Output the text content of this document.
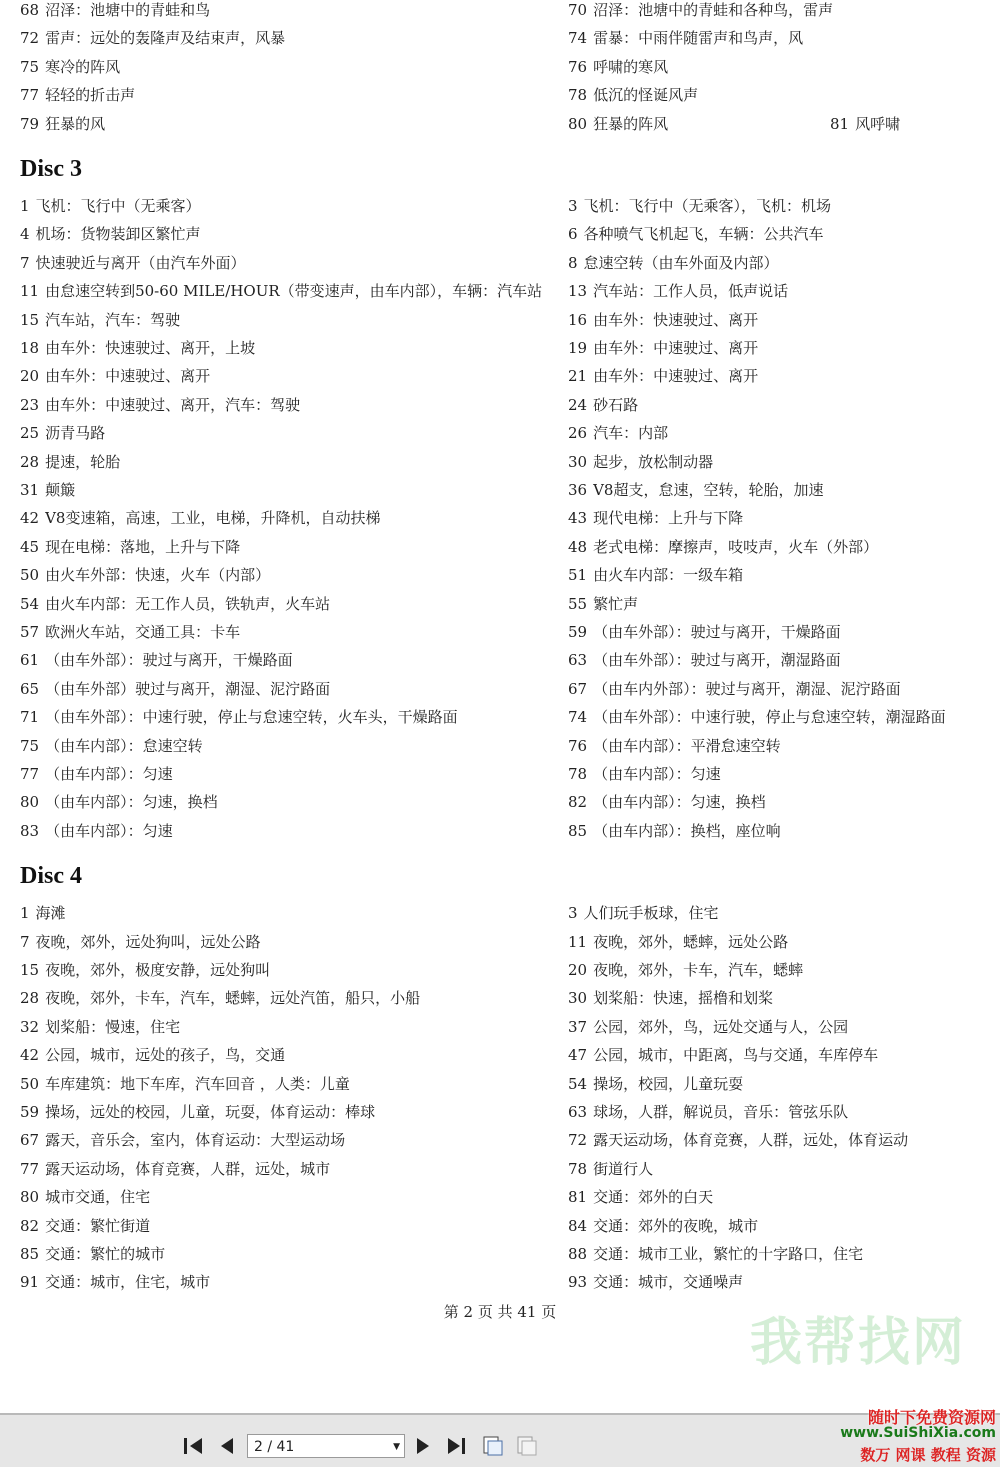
68 沼泽：池塘中的青蛙和鸟	70 沼泽：池塘中的青蛙和各种鸟，雷声
72 雷声：远处的轰隆声及结束声，风暴	74 雷暴：中雨伴随雷声和鸟声，风
75 寒冷的阵风	76 呼啸的寒风
77 轻轻的折击声	78 低沉的怪诞风声
79 狂暴的风	80 狂暴的阵风	81 风呼啸
Disc 3
1 飞机：飞行中（无乘客）	3 飞机：飞行中（无乘客），飞机：机场
4 机场：货物装卸区繁忙声	6 各种喷气飞机起飞，车辆：公共汽车
7 快速驶近与离开（由汽车外面）	8 怠速空转（由车外面及内部）
11 由怠速空转到50-60 MILE/HOUR（带变速声，由车内部），车辆：汽车站 13 汽车站：工作人员，低声说话
15 汽车站，汽车：驾驶	16 由车外：快速驶过、离开
18 由车外：快速驶过、离开，上坡	19 由车外：中速驶过、离开
20 由车外：中速驶过、离开	21 由车外：中速驶过、离开
23 由车外：中速驶过、离开，汽车：驾驶	24 砂石路
25 沥青马路	26 汽车：内部
28 提速，轮胎	30 起步，放松制动器
31 颠簸	36 V8超支，怠速，空转，轮胎，加速
42 V8变速箱，高速，工业，电梯，升降机，自动扶梯	43 现代电梯：上升与下降
45 现在电梯：落地，上升与下降	48 老式电梯：摩擦声，吱吱声，火车（外部）
50 由火车外部：快速，火车（内部）	51 由火车内部：一级车箱
54 由火车内部：无工作人员，铁轨声，火车站	55 繁忙声
57 欧洲火车站，交通工具：卡车	59 （由车外部）：驶过与离开，干燥路面
61 （由车外部）：驶过与离开，干燥路面	63 （由车外部）：驶过与离开，潮湿路面
65 （由车外部）驶过与离开，潮湿、泥泞路面	67 （由车内外部）：驶过与离开，潮湿、泥泞路面
71 （由车外部）：中速行驶，停止与怠速空转，火车头，干燥路面	74 （由车外部）：中速行驶，停止与怠速空转，潮湿路面
75 （由车内部）：怠速空转	76 （由车内部）：平滑怠速空转
77 （由车内部）：匀速	78 （由车内部）：匀速
80 （由车内部）：匀速，换档	82 （由车内部）：匀速，换档
83 （由车内部）：匀速	85 （由车内部）：换档，座位响
Disc 4
1 海滩	3 人们玩手板球，住宅
7 夜晚，郊外，远处狗叫，远处公路	11 夜晚，郊外，蟋蟀，远处公路
15 夜晚，郊外，极度安静，远处狗叫	20 夜晚，郊外，卡车，汽车，蟋蟀
28 夜晚，郊外，卡车，汽车，蟋蟀，远处汽笛，船只，小船	30 划桨船：快速，摇橹和划桨
32 划桨船：慢速，住宅	37 公园，郊外，鸟，远处交通与人，公园
42 公园，城市，远处的孩子，鸟，交通	47 公园，城市，中距离，鸟与交通，车库停车
50 车库建筑：地下车库，汽车回音 ，人类：儿童	54 操场，校园，儿童玩耍
59 操场，远处的校园，儿童，玩耍，体育运动：棒球	63 球场，人群，解说员，音乐：管弦乐队
67 露天，音乐会，室内，体育运动：大型运动场	72 露天运动场，体育竞赛，人群，远处，体育运动
77 露天运动场，体育竞赛，人群，远处，城市	78 街道行人
80 城市交通，住宅	81 交通：郊外的白天
82 交通：繁忙街道	84 交通：郊外的夜晚，城市
85 交通：繁忙的城市	88 交通：城市工业，繁忙的十字路口，住宅
91 交通：城市，住宅，城市	93 交通：城市，交通噪声
第 2 页 共 41 页
我帮找网
2 / 41	▼
随时下免费资源网
www.SuiShiXia.com
数万 网课 教程 资源
